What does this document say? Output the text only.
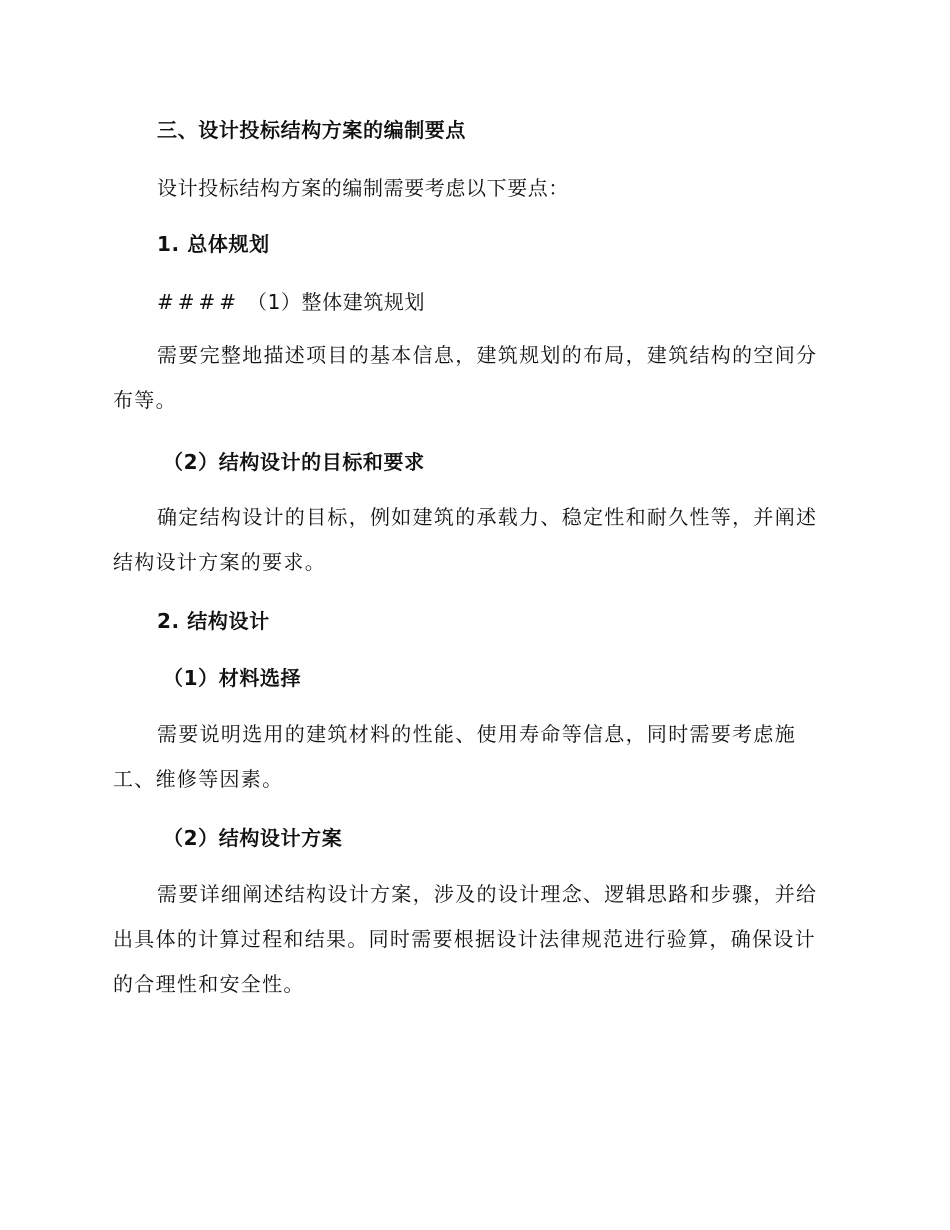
三、设计投标结构方案的编制要点
设计投标结构方案的编制需要考虑以下要点：
1. 总体规划
#### （1）整体建筑规划
需要完整地描述项目的基本信息，建筑规划的布局，建筑结构的空间分布等。
（2）结构设计的目标和要求
确定结构设计的目标，例如建筑的承载力、稳定性和耐久性等，并阐述结构设计方案的要求。
2. 结构设计
（1）材料选择
需要说明选用的建筑材料的性能、使用寿命等信息，同时需要考虑施工、维修等因素。
（2）结构设计方案
需要详细阐述结构设计方案，涉及的设计理念、逻辑思路和步骤，并给出具体的计算过程和结果。同时需要根据设计法律规范进行验算，确保设计的合理性和安全性。
